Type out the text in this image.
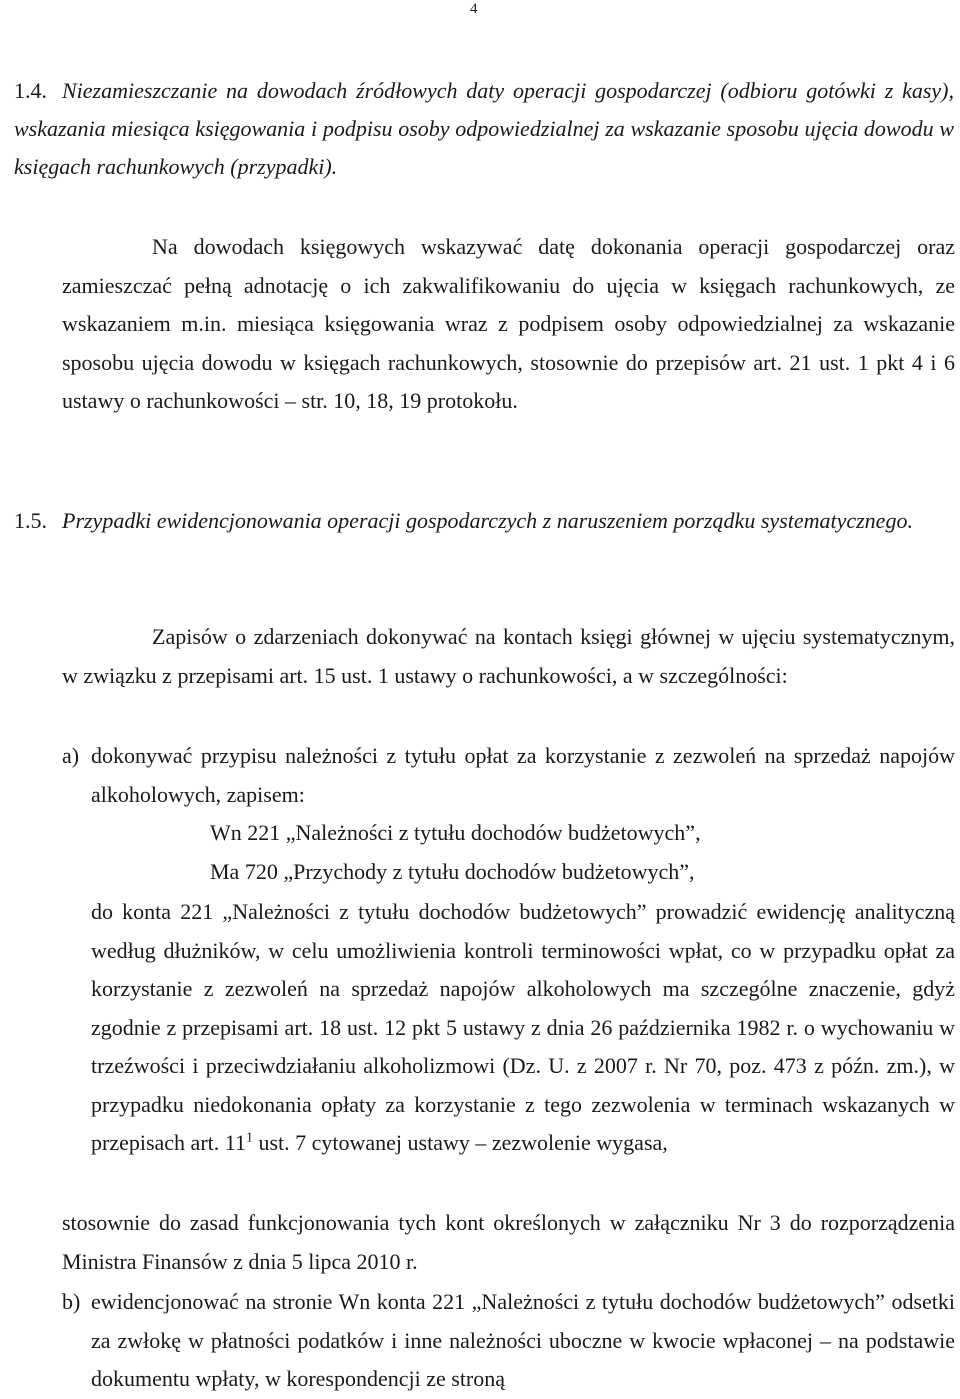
4
1.4. Niezamieszczanie na dowodach źródłowych daty operacji gospodarczej (odbioru gotówki z kasy), wskazania miesiąca księgowania i podpisu osoby odpowiedzialnej za wskazanie sposobu ujęcia dowodu w księgach rachunkowych (przypadki).
Na dowodach księgowych wskazywać datę dokonania operacji gospodarczej oraz zamieszczać pełną adnotację o ich zakwalifikowaniu do ujęcia w księgach rachunkowych, ze wskazaniem m.in. miesiąca księgowania wraz z podpisem osoby odpowiedzialnej za wskazanie sposobu ujęcia dowodu w księgach rachunkowych, stosownie do przepisów art. 21 ust. 1 pkt 4 i 6 ustawy o rachunkowości – str. 10, 18, 19 protokołu.
1.5. Przypadki ewidencjonowania operacji gospodarczych z naruszeniem porządku systematycznego.
Zapisów o zdarzeniach dokonywać na kontach księgi głównej w ujęciu systematycznym, w związku z przepisami art. 15 ust. 1 ustawy o rachunkowości, a w szczególności:
a) dokonywać przypisu należności z tytułu opłat za korzystanie z zezwoleń na sprzedaż napojów alkoholowych, zapisem:
Wn 221 „Należności z tytułu dochodów budżetowych”,
Ma 720 „Przychody z tytułu dochodów budżetowych”,
do konta 221 „Należności z tytułu dochodów budżetowych” prowadzić ewidencję analityczną według dłużników, w celu umożliwienia kontroli terminowości wpłat, co w przypadku opłat za korzystanie z zezwoleń na sprzedaż napojów alkoholowych ma szczególne znaczenie, gdyż zgodnie z przepisami art. 18 ust. 12 pkt 5 ustawy z dnia 26 października 1982 r. o wychowaniu w trzeźwości i przeciwdziałaniu alkoholizmowi (Dz. U. z 2007 r. Nr 70, poz. 473 z późn. zm.), w przypadku niedokonania opłaty za korzystanie z tego zezwolenia w terminach wskazanych w przepisach art. $11^1$ ust. 7 cytowanej ustawy – zezwolenie wygasa,
stosownie do zasad funkcjonowania tych kont określonych w załączniku Nr 3 do rozporządzenia Ministra Finansów z dnia 5 lipca 2010 r.
b) ewidencjonować na stronie Wn konta 221 „Należności z tytułu dochodów budżetowych” odsetki za zwłokę w płatności podatków i inne należności uboczne w kwocie wpłaconej – na podstawie dokumentu wpłaty, w korespondencji ze stroną
